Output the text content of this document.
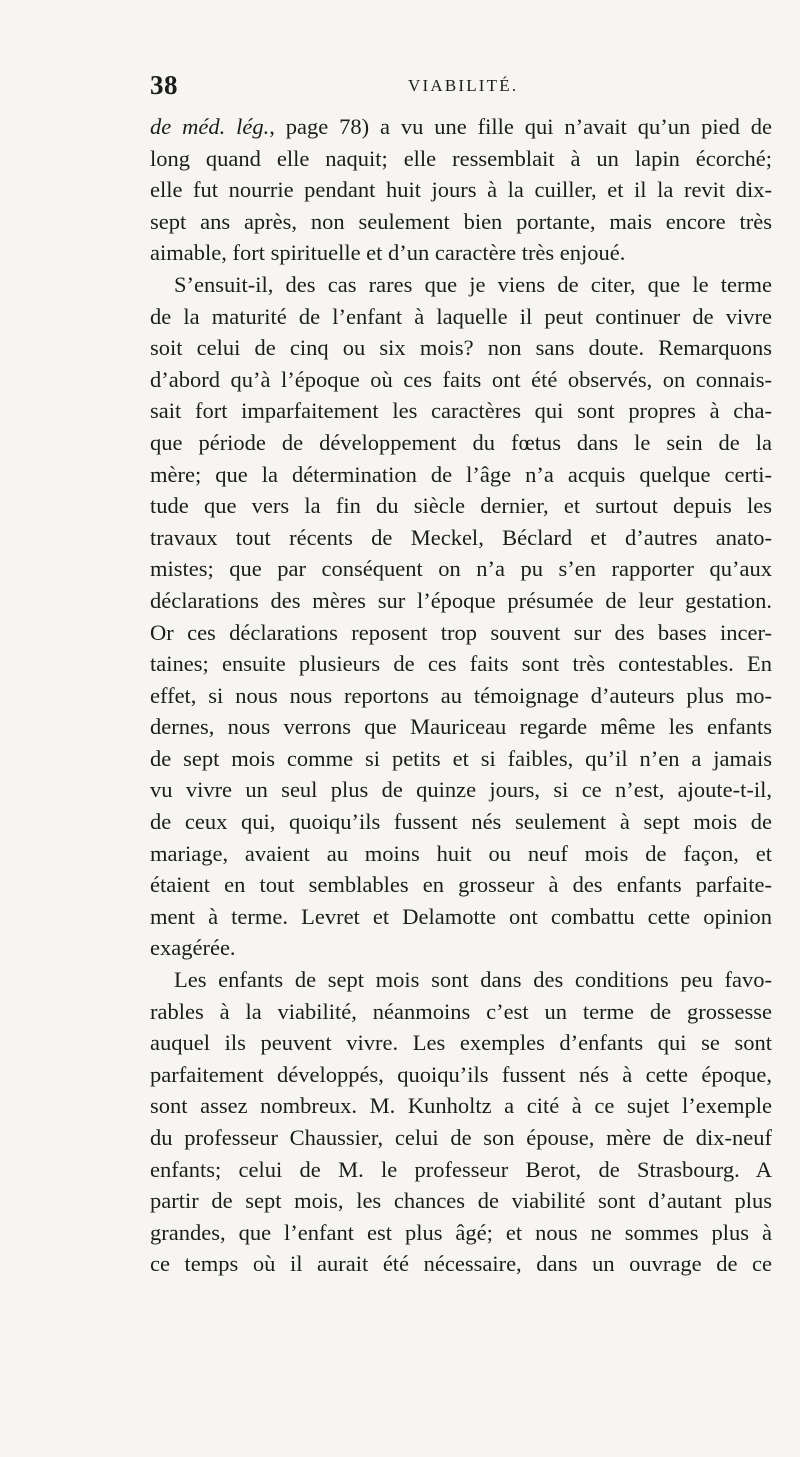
38	VIABILITÉ.
de méd. lég., page 78) a vu une fille qui n’avait qu’un pied de
long quand elle naquit; elle ressemblait à un lapin écorché;
elle fut nourrie pendant huit jours à la cuiller, et il la revit dix-
sept ans après, non seulement bien portante, mais encore très
aimable, fort spirituelle et d’un caractère très enjoué.
S’ensuit-il, des cas rares que je viens de citer, que le terme
de la maturité de l’enfant à laquelle il peut continuer de vivre
soit celui de cinq ou six mois? non sans doute. Remarquons
d’abord qu’à l’époque où ces faits ont été observés, on connais-
sait fort imparfaitement les caractères qui sont propres à cha-
que période de développement du fœtus dans le sein de la
mère; que la détermination de l’âge n’a acquis quelque certi-
tude que vers la fin du siècle dernier, et surtout depuis les
travaux tout récents de Meckel, Béclard et d’autres anato-
mistes; que par conséquent on n’a pu s’en rapporter qu’aux
déclarations des mères sur l’époque présumée de leur gestation.
Or ces déclarations reposent trop souvent sur des bases incer-
taines; ensuite plusieurs de ces faits sont très contestables. En
effet, si nous nous reportons au témoignage d’auteurs plus mo-
dernes, nous verrons que Mauriceau regarde même les enfants
de sept mois comme si petits et si faibles, qu’il n’en a jamais
vu vivre un seul plus de quinze jours, si ce n’est, ajoute-t-il,
de ceux qui, quoiqu’ils fussent nés seulement à sept mois de
mariage, avaient au moins huit ou neuf mois de façon, et
étaient en tout semblables en grosseur à des enfants parfaite-
ment à terme. Levret et Delamotte ont combattu cette opinion
exagérée.
Les enfants de sept mois sont dans des conditions peu favo-
rables à la viabilité, néanmoins c’est un terme de grossesse
auquel ils peuvent vivre. Les exemples d’enfants qui se sont
parfaitement développés, quoiqu’ils fussent nés à cette époque,
sont assez nombreux. M. Kunholtz a cité à ce sujet l’exemple
du professeur Chaussier, celui de son épouse, mère de dix-neuf
enfants; celui de M. le professeur Berot, de Strasbourg. A
partir de sept mois, les chances de viabilité sont d’autant plus
grandes, que l’enfant est plus âgé; et nous ne sommes plus à
ce temps où il aurait été nécessaire, dans un ouvrage de ce
